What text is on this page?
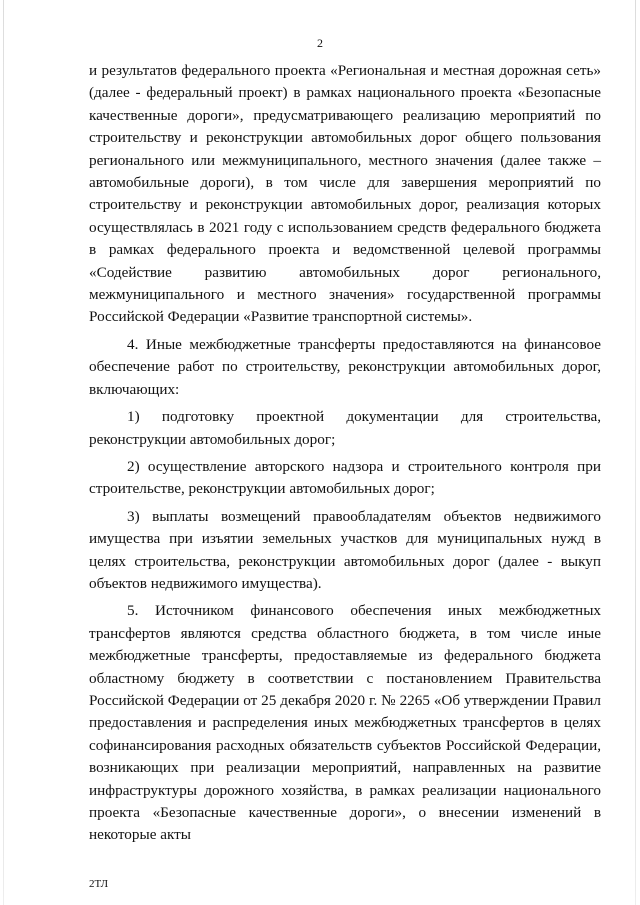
2

и результатов федерального проекта «Региональная и местная дорожная сеть» (далее - федеральный проект) в рамках национального проекта «Безопасные качественные дороги», предусматривающего реализацию мероприятий по строительству и реконструкции автомобильных дорог общего пользования регионального или межмуниципального, местного значения (далее также – автомобильные дороги), в том числе для завершения мероприятий по строительству и реконструкции автомобильных дорог, реализация которых осуществлялась в 2021 году с использованием средств федерального бюджета в рамках федерального проекта и ведомственной целевой программы «Содействие развитию автомобильных дорог регионального, межмуниципального и местного значения» государственной программы Российской Федерации «Развитие транспортной системы».

4. Иные межбюджетные трансферты предоставляются на финансовое обеспечение работ по строительству, реконструкции автомобильных дорог, включающих:

1) подготовку проектной документации для строительства, реконструкции автомобильных дорог;

2) осуществление авторского надзора и строительного контроля при строительстве, реконструкции автомобильных дорог;

3) выплаты возмещений правообладателям объектов недвижимого имущества при изъятии земельных участков для муниципальных нужд в целях строительства, реконструкции автомобильных дорог (далее - выкуп объектов недвижимого имущества).

5. Источником финансового обеспечения иных межбюджетных трансфертов являются средства областного бюджета, в том числе иные межбюджетные трансферты, предоставляемые из федерального бюджета областному бюджету в соответствии с постановлением Правительства Российской Федерации от 25 декабря 2020 г. № 2265 «Об утверждении Правил предоставления и распределения иных межбюджетных трансфертов в целях софинансирования расходных обязательств субъектов Российской Федерации, возникающих при реализации мероприятий, направленных на развитие инфраструктуры дорожного хозяйства, в рамках реализации национального проекта «Безопасные качественные дороги», о внесении изменений в некоторые акты

2ТЛ
